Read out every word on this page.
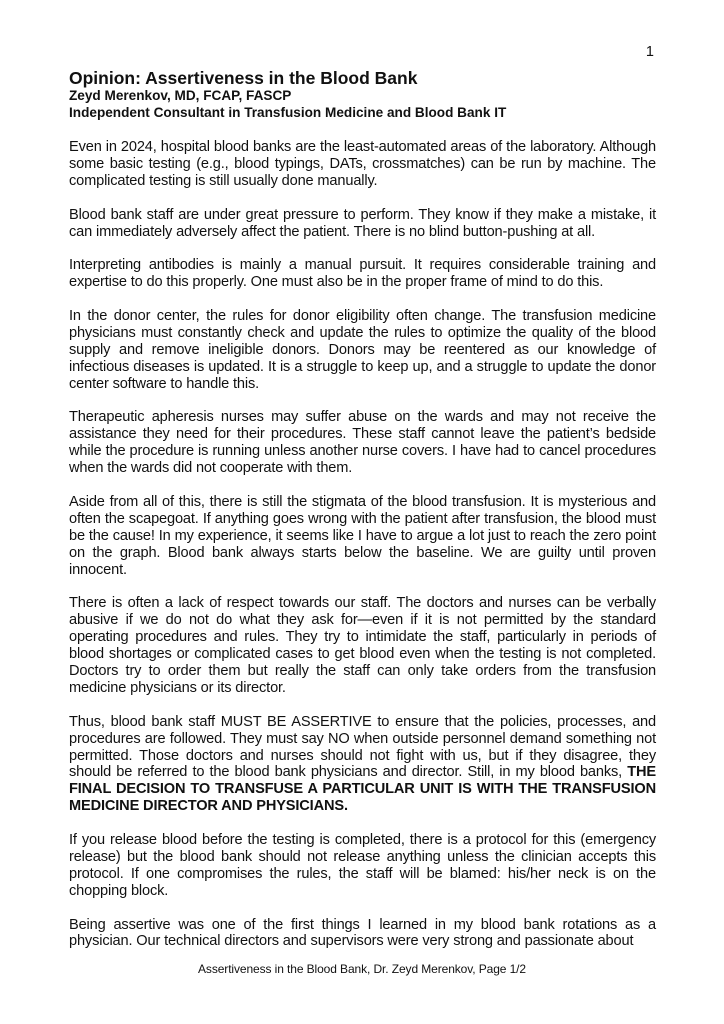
1

Opinion: Assertiveness in the Blood Bank

Zeyd Merenkov, MD, FCAP, FASCP

Independent Consultant in Transfusion Medicine and Blood Bank IT

Even in 2024, hospital blood banks are the least-automated areas of the laboratory. Although some basic testing (e.g., blood typings, DATs, crossmatches) can be run by machine. The complicated testing is still usually done manually.

Blood bank staff are under great pressure to perform. They know if they make a mistake, it can immediately adversely affect the patient. There is no blind button-pushing at all.

Interpreting antibodies is mainly a manual pursuit. It requires considerable training and expertise to do this properly. One must also be in the proper frame of mind to do this.

In the donor center, the rules for donor eligibility often change. The transfusion medicine physicians must constantly check and update the rules to optimize the quality of the blood supply and remove ineligible donors. Donors may be reentered as our knowledge of infectious diseases is updated. It is a struggle to keep up, and a struggle to update the donor center software to handle this.

Therapeutic apheresis nurses may suffer abuse on the wards and may not receive the assistance they need for their procedures. These staff cannot leave the patient’s bedside while the procedure is running unless another nurse covers. I have had to cancel procedures when the wards did not cooperate with them.

Aside from all of this, there is still the stigmata of the blood transfusion. It is mysterious and often the scapegoat. If anything goes wrong with the patient after transfusion, the blood must be the cause! In my experience, it seems like I have to argue a lot just to reach the zero point on the graph. Blood bank always starts below the baseline. We are guilty until proven innocent.

There is often a lack of respect towards our staff. The doctors and nurses can be verbally abusive if we do not do what they ask for—even if it is not permitted by the standard operating procedures and rules. They try to intimidate the staff, particularly in periods of blood shortages or complicated cases to get blood even when the testing is not completed. Doctors try to order them but really the staff can only take orders from the transfusion medicine physicians or its director.

Thus, blood bank staff MUST BE ASSERTIVE to ensure that the policies, processes, and procedures are followed. They must say NO when outside personnel demand something not permitted. Those doctors and nurses should not fight with us, but if they disagree, they should be referred to the blood bank physicians and director. Still, in my blood banks, THE FINAL DECISION TO TRANSFUSE A PARTICULAR UNIT IS WITH THE TRANSFUSION MEDICINE DIRECTOR AND PHYSICIANS.

If you release blood before the testing is completed, there is a protocol for this (emergency release) but the blood bank should not release anything unless the clinician accepts this protocol. If one compromises the rules, the staff will be blamed: his/her neck is on the chopping block.

Being assertive was one of the first things I learned in my blood bank rotations as a physician. Our technical directors and supervisors were very strong and passionate about

Assertiveness in the Blood Bank, Dr. Zeyd Merenkov, Page 1/2
